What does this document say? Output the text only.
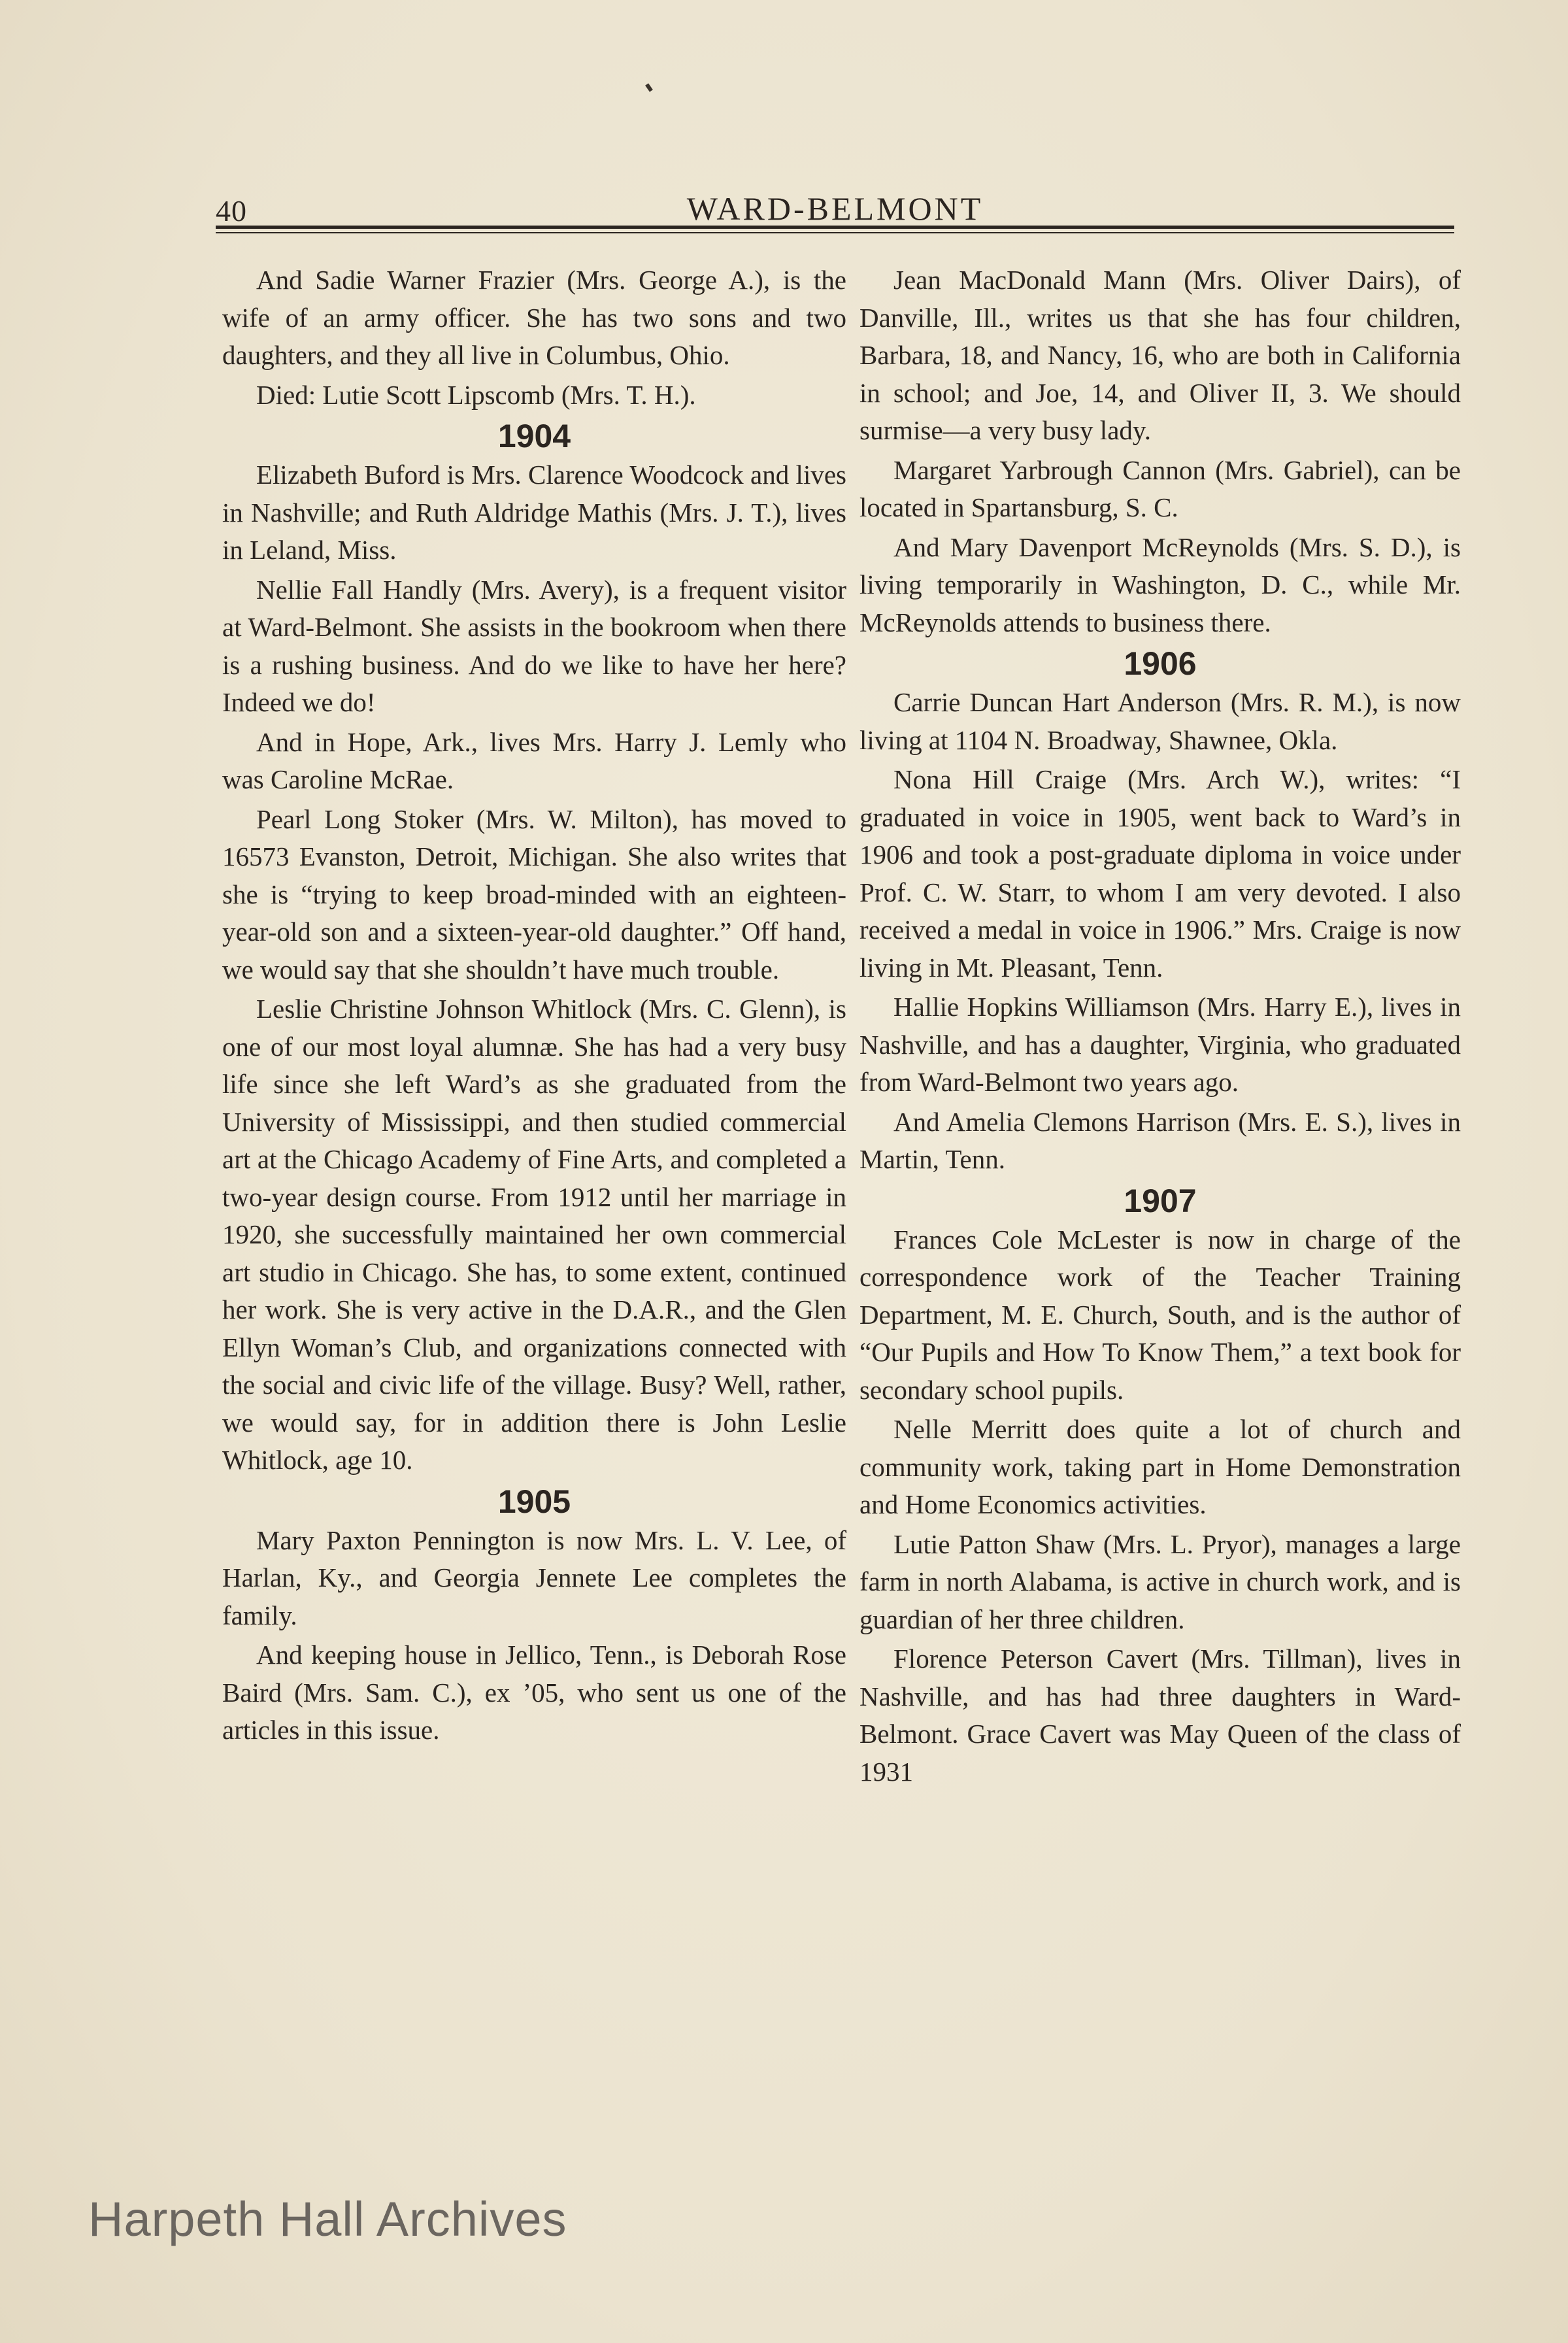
40	WARD-BELMONT

And Sadie Warner Frazier (Mrs. George A.), is the wife of an army officer. She has two sons and two daughters, and they all live in Columbus, Ohio.

Died: Lutie Scott Lipscomb (Mrs. T. H.).

1904

Elizabeth Buford is Mrs. Clarence Woodcock and lives in Nashville; and Ruth Aldridge Mathis (Mrs. J. T.), lives in Leland, Miss.

Nellie Fall Handly (Mrs. Avery), is a frequent visitor at Ward-Belmont. She assists in the bookroom when there is a rushing business. And do we like to have her here? Indeed we do!

And in Hope, Ark., lives Mrs. Harry J. Lemly who was Caroline McRae.

Pearl Long Stoker (Mrs. W. Milton), has moved to 16573 Evanston, Detroit, Michigan. She also writes that she is “trying to keep broad-minded with an eighteen-year-old son and a sixteen-year-old daughter.” Off hand, we would say that she shouldn’t have much trouble.

Leslie Christine Johnson Whitlock (Mrs. C. Glenn), is one of our most loyal alumnæ. She has had a very busy life since she left Ward’s as she graduated from the University of Mississippi, and then studied commercial art at the Chicago Academy of Fine Arts, and completed a two-year design course. From 1912 until her marriage in 1920, she successfully maintained her own commercial art studio in Chicago. She has, to some extent, continued her work. She is very active in the D.A.R., and the Glen Ellyn Woman’s Club, and organizations connected with the social and civic life of the village. Busy? Well, rather, we would say, for in addition there is John Leslie Whitlock, age 10.

1905

Mary Paxton Pennington is now Mrs. L. V. Lee, of Harlan, Ky., and Georgia Jennete Lee completes the family.

And keeping house in Jellico, Tenn., is Deborah Rose Baird (Mrs. Sam. C.), ex ’05, who sent us one of the articles in this issue.

Jean MacDonald Mann (Mrs. Oliver Dairs), of Danville, Ill., writes us that she has four children, Barbara, 18, and Nancy, 16, who are both in California in school; and Joe, 14, and Oliver II, 3. We should surmise—a very busy lady.

Margaret Yarbrough Cannon (Mrs. Gabriel), can be located in Spartansburg, S. C.

And Mary Davenport McReynolds (Mrs. S. D.), is living temporarily in Washington, D. C., while Mr. McReynolds attends to business there.

1906

Carrie Duncan Hart Anderson (Mrs. R. M.), is now living at 1104 N. Broadway, Shawnee, Okla.

Nona Hill Craige (Mrs. Arch W.), writes: “I graduated in voice in 1905, went back to Ward’s in 1906 and took a post-graduate diploma in voice under Prof. C. W. Starr, to whom I am very devoted. I also received a medal in voice in 1906.” Mrs. Craige is now living in Mt. Pleasant, Tenn.

Hallie Hopkins Williamson (Mrs. Harry E.), lives in Nashville, and has a daughter, Virginia, who graduated from Ward-Belmont two years ago.

And Amelia Clemons Harrison (Mrs. E. S.), lives in Martin, Tenn.

1907

Frances Cole McLester is now in charge of the correspondence work of the Teacher Training Department, M. E. Church, South, and is the author of “Our Pupils and How To Know Them,” a text book for secondary school pupils.

Nelle Merritt does quite a lot of church and community work, taking part in Home Demonstration and Home Economics activities.

Lutie Patton Shaw (Mrs. L. Pryor), manages a large farm in north Alabama, is active in church work, and is guardian of her three children.

Florence Peterson Cavert (Mrs. Tillman), lives in Nashville, and has had three daughters in Ward-Belmont. Grace Cavert was May Queen of the class of 1931

Harpeth Hall Archives
